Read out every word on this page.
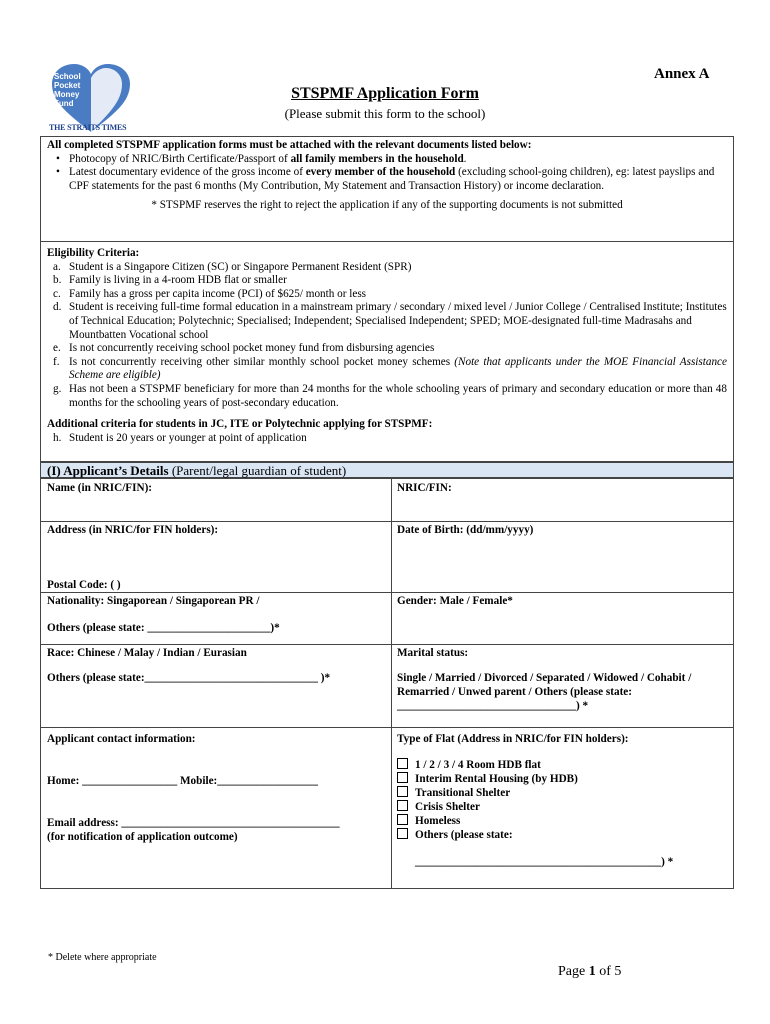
School
Pocket
Money
Fund
THE STRAITS TIMES
Annex A
STSPMF Application Form
(Please submit this form to the school)
All completed STSPMF application forms must be attached with the relevant documents listed below:
• Photocopy of NRIC/Birth Certificate/Passport of all family members in the household.
• Latest documentary evidence of the gross income of every member of the household (excluding school-going children), eg: latest payslips and CPF statements for the past 6 months (My Contribution, My Statement and Transaction History) or income declaration.
* STSPMF reserves the right to reject the application if any of the supporting documents is not submitted
Eligibility Criteria:
a. Student is a Singapore Citizen (SC) or Singapore Permanent Resident (SPR)
b. Family is living in a 4-room HDB flat or smaller
c. Family has a gross per capita income (PCI) of $625/ month or less
d. Student is receiving full-time formal education in a mainstream primary / secondary / mixed level / Junior College / Centralised Institute; Institutes of Technical Education; Polytechnic; Specialised; Independent; Specialised Independent; SPED; MOE-designated full-time Madrasahs and Mountbatten Vocational school
e. Is not concurrently receiving school pocket money fund from disbursing agencies
f. Is not concurrently receiving other similar monthly school pocket money schemes (Note that applicants under the MOE Financial Assistance Scheme are eligible)
g. Has not been a STSPMF beneficiary for more than 24 months for the whole schooling years of primary and secondary education or more than 48 months for the schooling years of post-secondary education.
Additional criteria for students in JC, ITE or Polytechnic applying for STSPMF:
h. Student is 20 years or younger at point of application
(I) Applicant’s Details (Parent/legal guardian of student)
Name (in NRIC/FIN):	NRIC/FIN:
Address (in NRIC/for FIN holders):	Date of Birth: (dd/mm/yyyy)
Postal Code: ( )
Nationality: Singaporean / Singaporean PR /
Others (please state: ______________________)*
Gender: Male / Female*
Race: Chinese / Malay / Indian / Eurasian
Others (please state:_______________________________ )*
Marital status:
Single / Married / Divorced / Separated / Widowed / Cohabit / Remarried / Unwed parent / Others (please state: ________________________________) *
Applicant contact information:
Home: _________________ Mobile:__________________
Email address: _______________________________________
(for notification of application outcome)
Type of Flat (Address in NRIC/for FIN holders):
1 / 2 / 3 / 4 Room HDB flat
Interim Rental Housing (by HDB)
Transitional Shelter
Crisis Shelter
Homeless
Others (please state:
____________________________________________) *
* Delete where appropriate
Page 1 of 5
